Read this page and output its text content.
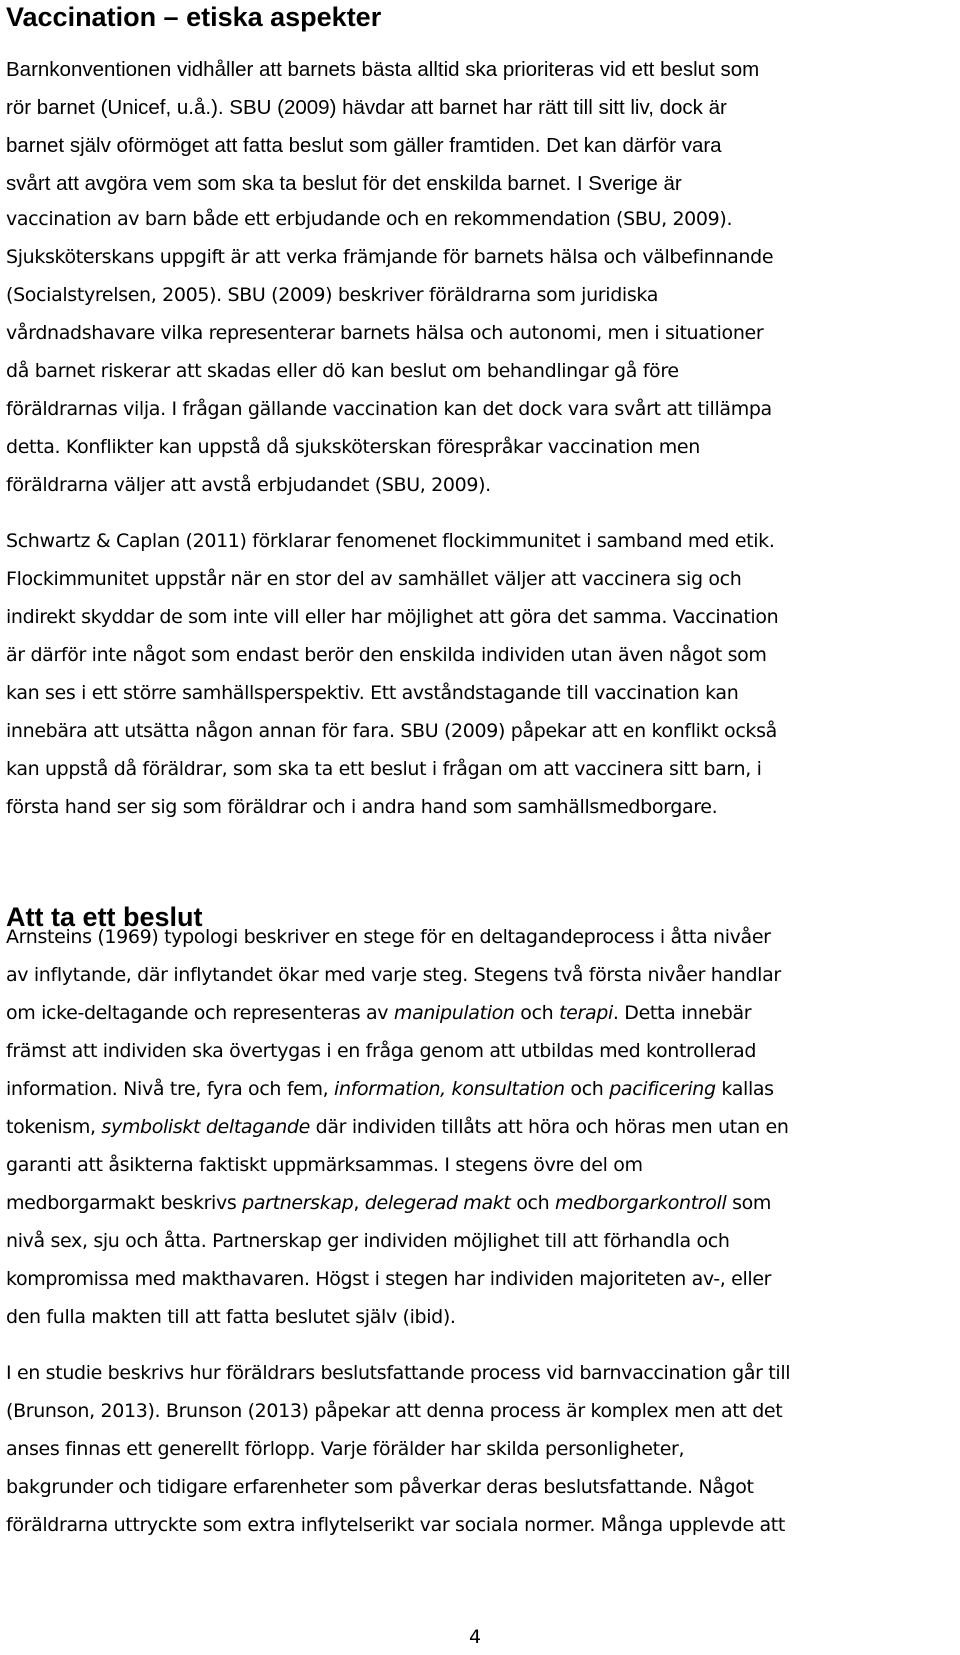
Vaccination – etiska aspekter
Barnkonventionen vidhåller att barnets bästa alltid ska prioriteras vid ett beslut som
rör barnet (Unicef, u.å.). SBU (2009) hävdar att barnet har rätt till sitt liv, dock är
barnet själv oförmöget att fatta beslut som gäller framtiden. Det kan därför vara
svårt att avgöra vem som ska ta beslut för det enskilda barnet. I Sverige är
vaccination av barn både ett erbjudande och en rekommendation (SBU, 2009).
Sjuksköterskans uppgift är att verka främjande för barnets hälsa och välbefinnande
(Socialstyrelsen, 2005). SBU (2009) beskriver föräldrarna som juridiska
vårdnadshavare vilka representerar barnets hälsa och autonomi, men i situationer
då barnet riskerar att skadas eller dö kan beslut om behandlingar gå före
föräldrarnas vilja. I frågan gällande vaccination kan det dock vara svårt att tillämpa
detta. Konflikter kan uppstå då sjuksköterskan förespråkar vaccination men
föräldrarna väljer att avstå erbjudandet (SBU, 2009).
Schwartz & Caplan (2011) förklarar fenomenet flockimmunitet i samband med etik.
Flockimmunitet uppstår när en stor del av samhället väljer att vaccinera sig och
indirekt skyddar de som inte vill eller har möjlighet att göra det samma. Vaccination
är därför inte något som endast berör den enskilda individen utan även något som
kan ses i ett större samhällsperspektiv. Ett avståndstagande till vaccination kan
innebära att utsätta någon annan för fara. SBU (2009) påpekar att en konflikt också
kan uppstå då föräldrar, som ska ta ett beslut i frågan om att vaccinera sitt barn, i
första hand ser sig som föräldrar och i andra hand som samhällsmedborgare.
Att ta ett beslut
Arnsteins (1969) typologi beskriver en stege för en deltagandeprocess i åtta nivåer
av inflytande, där inflytandet ökar med varje steg. Stegens två första nivåer handlar
om icke-deltagande och representeras av manipulation och terapi. Detta innebär
främst att individen ska övertygas i en fråga genom att utbildas med kontrollerad
information. Nivå tre, fyra och fem, information, konsultation och pacificering kallas
tokenism, symboliskt deltagande där individen tillåts att höra och höras men utan en
garanti att åsikterna faktiskt uppmärksammas. I stegens övre del om
medborgarmakt beskrivs partnerskap, delegerad makt och medborgarkontroll som
nivå sex, sju och åtta. Partnerskap ger individen möjlighet till att förhandla och
kompromissa med makthavaren. Högst i stegen har individen majoriteten av-, eller
den fulla makten till att fatta beslutet själv (ibid).
I en studie beskrivs hur föräldrars beslutsfattande process vid barnvaccination går till
(Brunson, 2013). Brunson (2013) påpekar att denna process är komplex men att det
anses finnas ett generellt förlopp. Varje förälder har skilda personligheter,
bakgrunder och tidigare erfarenheter som påverkar deras beslutsfattande. Något
föräldrarna uttryckte som extra inflytelserikt var sociala normer. Många upplevde att
4
